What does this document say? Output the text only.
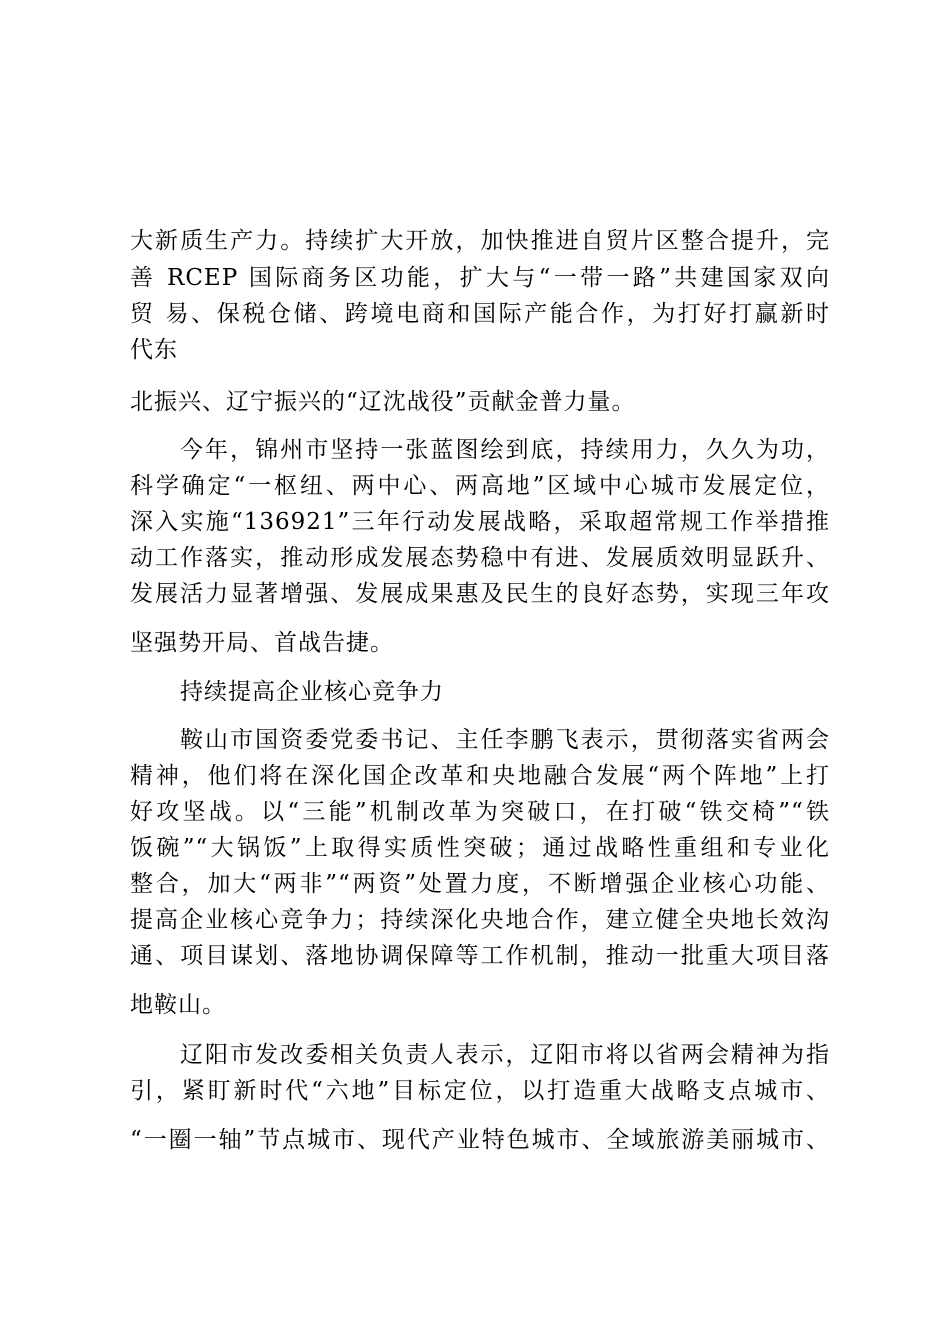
大新质生产力。持续扩大开放，加快推进自贸片区整合提升，完
善 RCEP 国际商务区功能，扩大与“一带一路”共建国家双向
贸 易、保税仓储、跨境电商和国际产能合作，为打好打赢新时
代东
北振兴、辽宁振兴的“辽沈战役”贡献金普力量。
今年，锦州市坚持一张蓝图绘到底，持续用力，久久为功，
科学确定“一枢纽、两中心、两高地”区域中心城市发展定位，
深入实施“136921”三年行动发展战略，采取超常规工作举措推
动工作落实，推动形成发展态势稳中有进、发展质效明显跃升、
发展活力显著增强、发展成果惠及民生的良好态势，实现三年攻
坚强势开局、首战告捷。
持续提高企业核心竞争力
鞍山市国资委党委书记、主任李鹏飞表示，贯彻落实省两会
精神，他们将在深化国企改革和央地融合发展“两个阵地”上打
好攻坚战。以“三能”机制改革为突破口，在打破“铁交椅”“铁
饭碗”“大锅饭”上取得实质性突破；通过战略性重组和专业化
整合，加大“两非”“两资”处置力度，不断增强企业核心功能、
提高企业核心竞争力；持续深化央地合作，建立健全央地长效沟
通、项目谋划、落地协调保障等工作机制，推动一批重大项目落
地鞍山。
辽阳市发改委相关负责人表示，辽阳市将以省两会精神为指
引，紧盯新时代“六地”目标定位，以打造重大战略支点城市、
“一圈一轴”节点城市、现代产业特色城市、全域旅游美丽城市、
